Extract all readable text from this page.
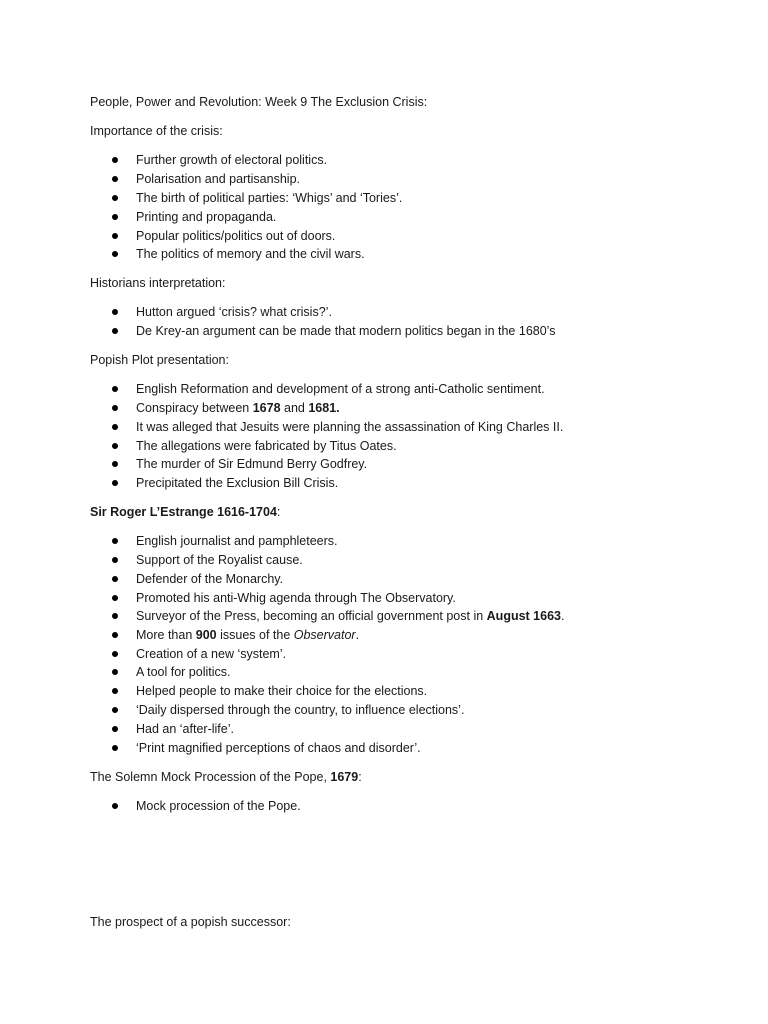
People, Power and Revolution: Week 9 The Exclusion Crisis:
Importance of the crisis:
Further growth of electoral politics.
Polarisation and partisanship.
The birth of political parties: ‘Whigs’ and ‘Tories’.
Printing and propaganda.
Popular politics/politics out of doors.
The politics of memory and the civil wars.
Historians interpretation:
Hutton argued ‘crisis? what crisis?’.
De Krey-an argument can be made that modern politics began in the 1680’s
Popish Plot presentation:
English Reformation and development of a strong anti-Catholic sentiment.
Conspiracy between 1678 and 1681.
It was alleged that Jesuits were planning the assassination of King Charles II.
The allegations were fabricated by Titus Oates.
The murder of Sir Edmund Berry Godfrey.
Precipitated the Exclusion Bill Crisis.
Sir Roger L’Estrange 1616-1704:
English journalist and pamphleteers.
Support of the Royalist cause.
Defender of the Monarchy.
Promoted his anti-Whig agenda through The Observatory.
Surveyor of the Press, becoming an official government post in August 1663.
More than 900 issues of the Observator.
Creation of a new ‘system’.
A tool for politics.
Helped people to make their choice for the elections.
‘Daily dispersed through the country, to influence elections’.
Had an ‘after-life’.
‘Print magnified perceptions of chaos and disorder’.
The Solemn Mock Procession of the Pope, 1679:
Mock procession of the Pope.
The prospect of a popish successor:
